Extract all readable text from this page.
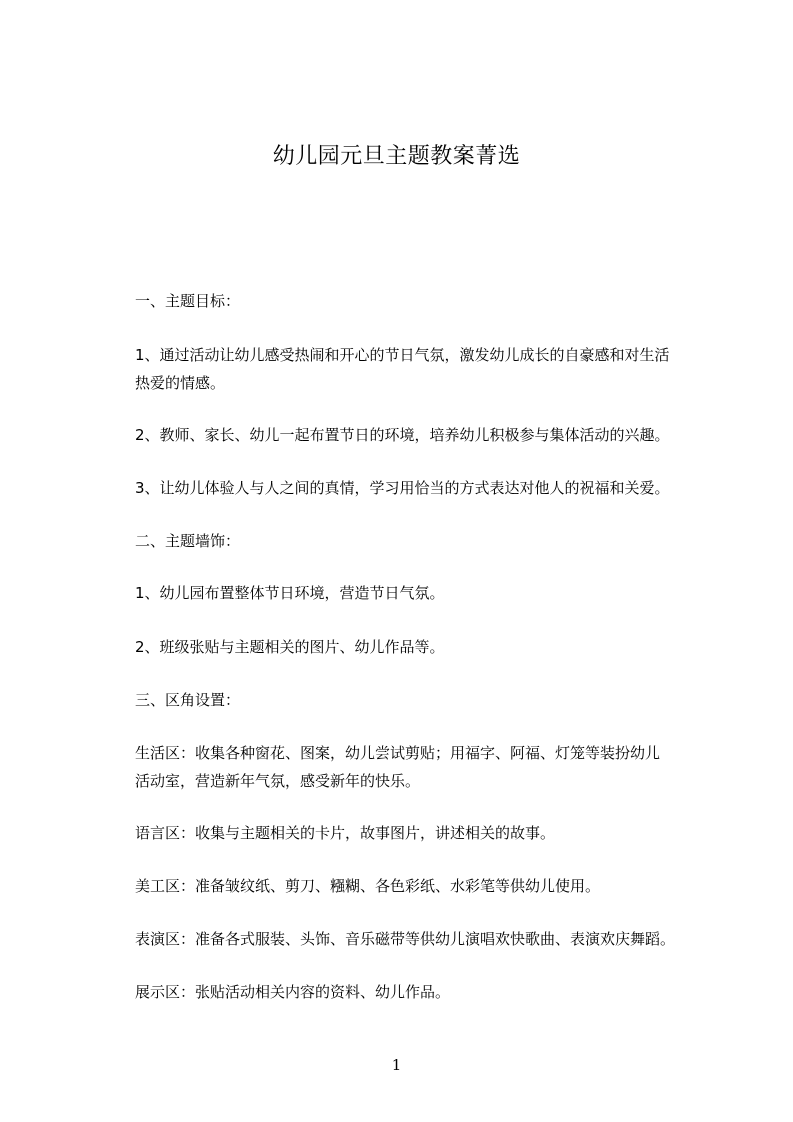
幼儿园元旦主题教案菁选
一、主题目标：
1、通过活动让幼儿感受热闹和开心的节日气氛，激发幼儿成长的自豪感和对生活
热爱的情感。
2、教师、家长、幼儿一起布置节日的环境，培养幼儿积极参与集体活动的兴趣。
3、让幼儿体验人与人之间的真情，学习用恰当的方式表达对他人的祝福和关爱。
二、主题墙饰：
1、幼儿园布置整体节日环境，营造节日气氛。
2、班级张贴与主题相关的图片、幼儿作品等。
三、区角设置：
生活区：收集各种窗花、图案，幼儿尝试剪贴；用福字、阿福、灯笼等装扮幼儿
活动室，营造新年气氛，感受新年的快乐。
语言区：收集与主题相关的卡片，故事图片，讲述相关的故事。
美工区：准备皱纹纸、剪刀、糨糊、各色彩纸、水彩笔等供幼儿使用。
表演区：准备各式服装、头饰、音乐磁带等供幼儿演唱欢快歌曲、表演欢庆舞蹈。
展示区：张贴活动相关内容的资料、幼儿作品。
1
